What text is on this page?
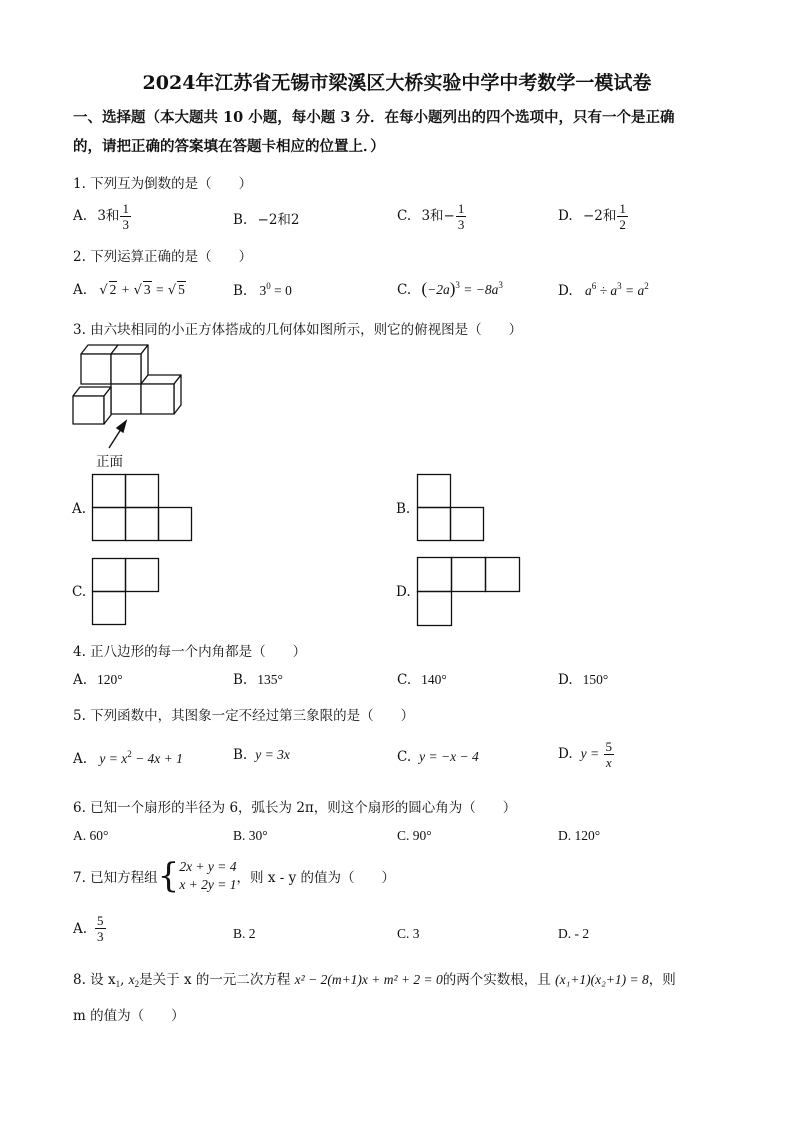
2024年江苏省无锡市梁溪区大桥实验中学中考数学一模试卷
一、选择题（本大题共 10 小题，每小题 3 分．在每小题列出的四个选项中，只有一个是正确
的，请把正确的答案填在答题卡相应的位置上．）
1. 下列互为倒数的是（　　）
A. 3和 $\frac{1}{3}$	B. −2和2	C. 3和− $\frac{1}{3}$	D. −2和 $\frac{1}{2}$
2. 下列运算正确的是（　　）
A. √ 2 + √ 3 = √ 5	B. $3^0 = 0$	C. $(-2a)^3 = -8a^3$	D. $a^6 \div a^3 = a^2$
3. 由六块相同的小正方体搭成的几何体如图所示，则它的俯视图是（　　）
正面
A.	B.
C.	D.
4. 正八边形的每一个内角都是（　　）
A. 120°	B. 135°	C. 140°	D. 150°
5. 下列函数中，其图象一定不经过第三象限的是（　　）
A. $y = x^2 - 4x + 1$	B. y = 3x	C. y = −x − 4	D. $y = \frac{5}{x}$
6. 已知一个扇形的半径为 6，弧长为 2π，则这个扇形的圆心角为（　　）
A. 60°	B. 30°	C. 90°	D. 120°
7. 已知方程组 { 2x + y = 4
x + 2y = 1 ，则 x - y 的值为（　　）
A. $\frac{5}{3}$	B. 2	C. 3	D. - 2
8. 设 $x_1$, $x_2$是关于 x 的一元二次方程 x² − 2(m+1)x + m² + 2 = 0的两个实数根，且 (x₁+1)(x₂+1) = 8，则
m 的值为（　　）
